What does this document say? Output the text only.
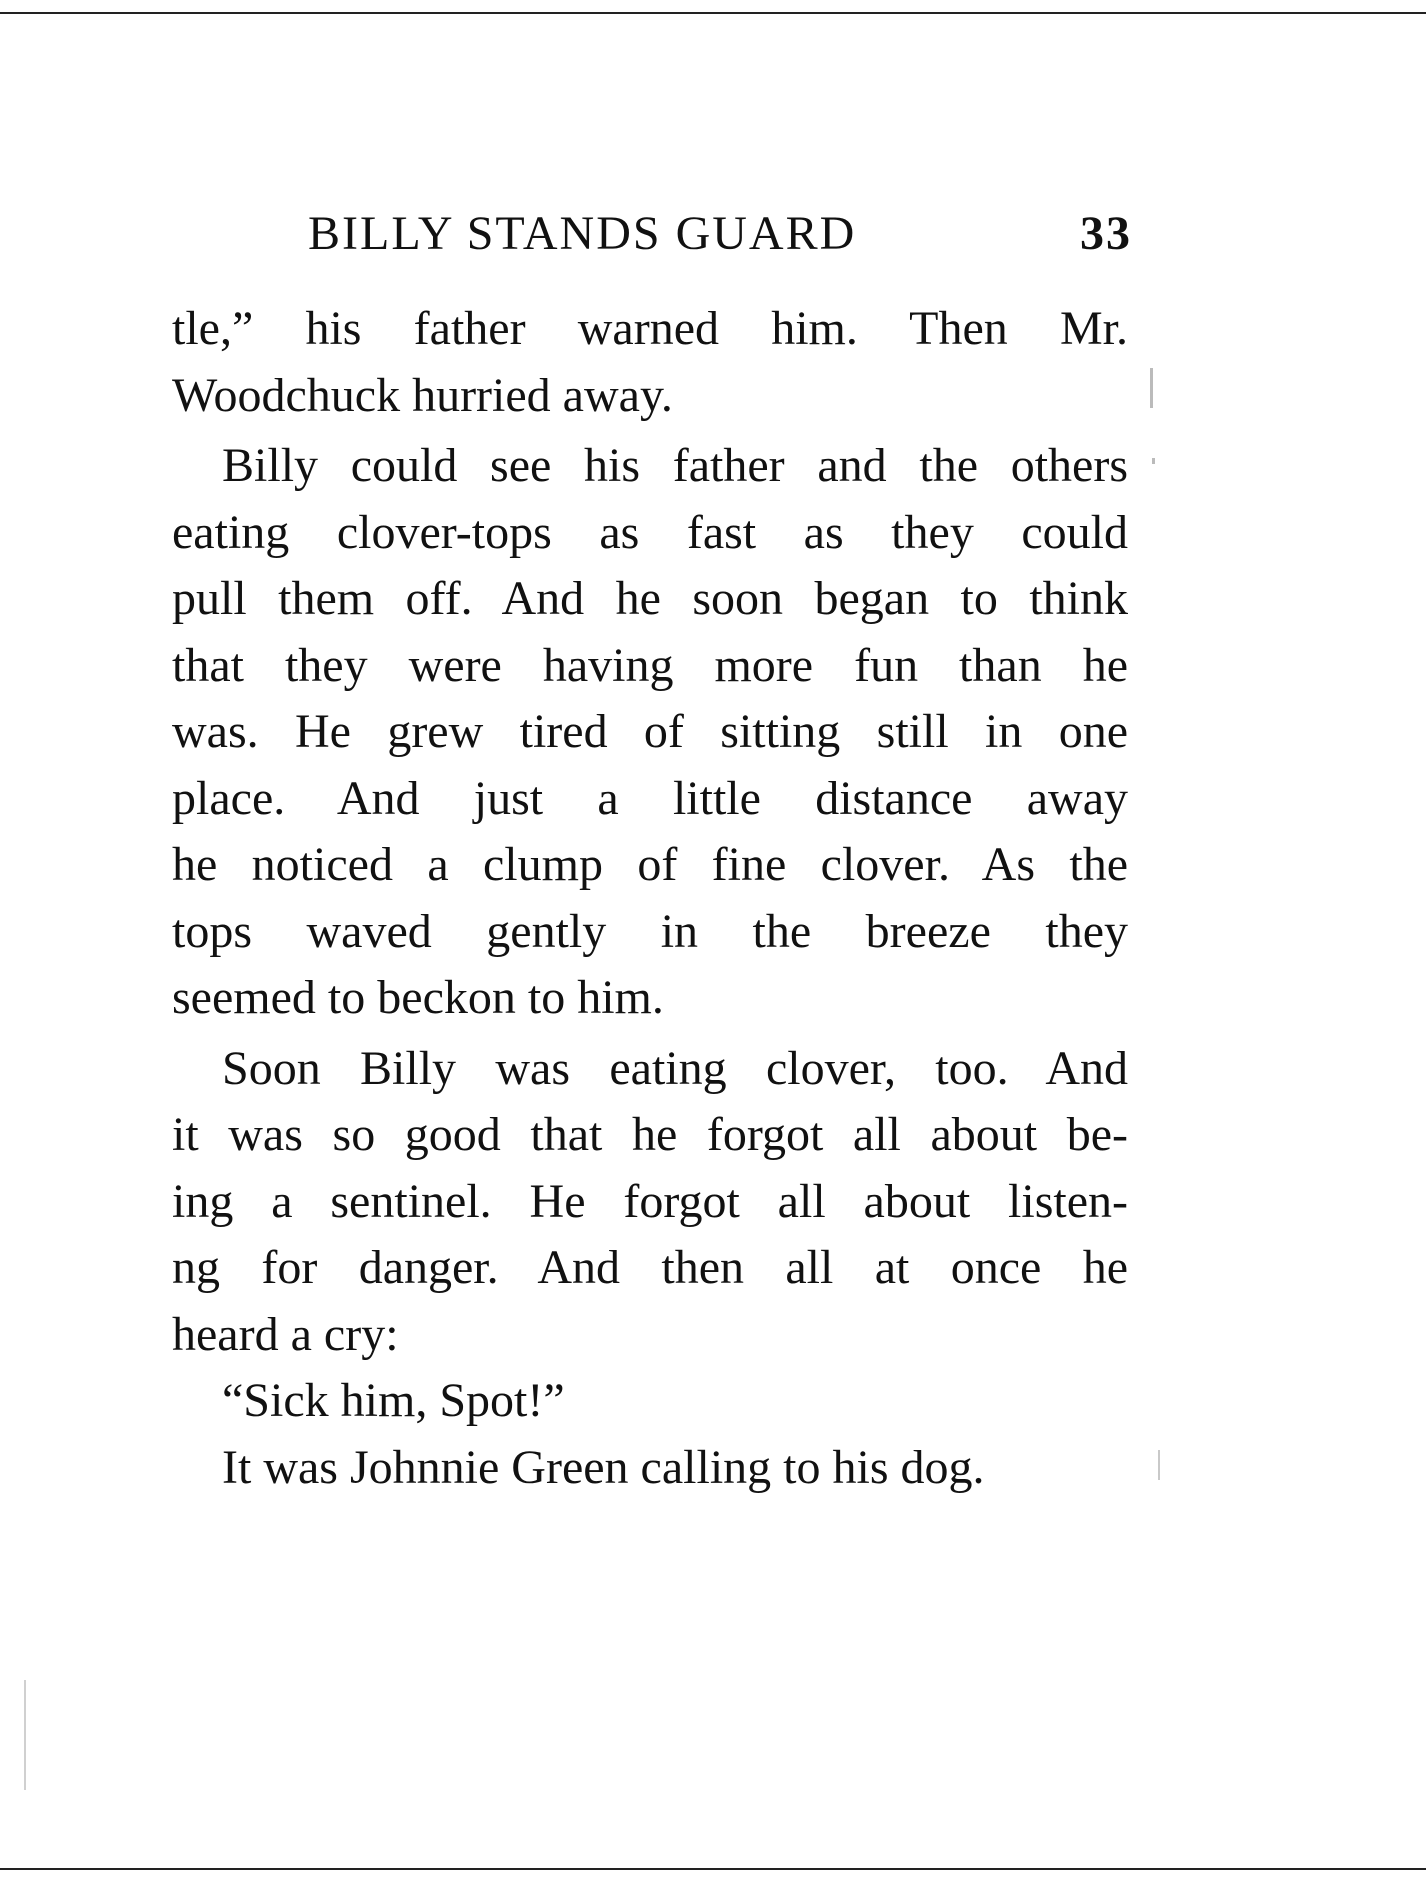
BILLY STANDS GUARD	33
tle,” his father warned him. Then Mr.
Woodchuck hurried away.
Billy could see his father and the others
eating clover-tops as fast as they could
pull them off. And he soon began to think
that they were having more fun than he
was. He grew tired of sitting still in one
place. And just a little distance away
he noticed a clump of fine clover. As the
tops waved gently in the breeze they
seemed to beckon to him.
Soon Billy was eating clover, too. And
it was so good that he forgot all about be-
ing a sentinel. He forgot all about listen-
ng for danger. And then all at once he
heard a cry:
“Sick him, Spot!”
It was Johnnie Green calling to his dog.
